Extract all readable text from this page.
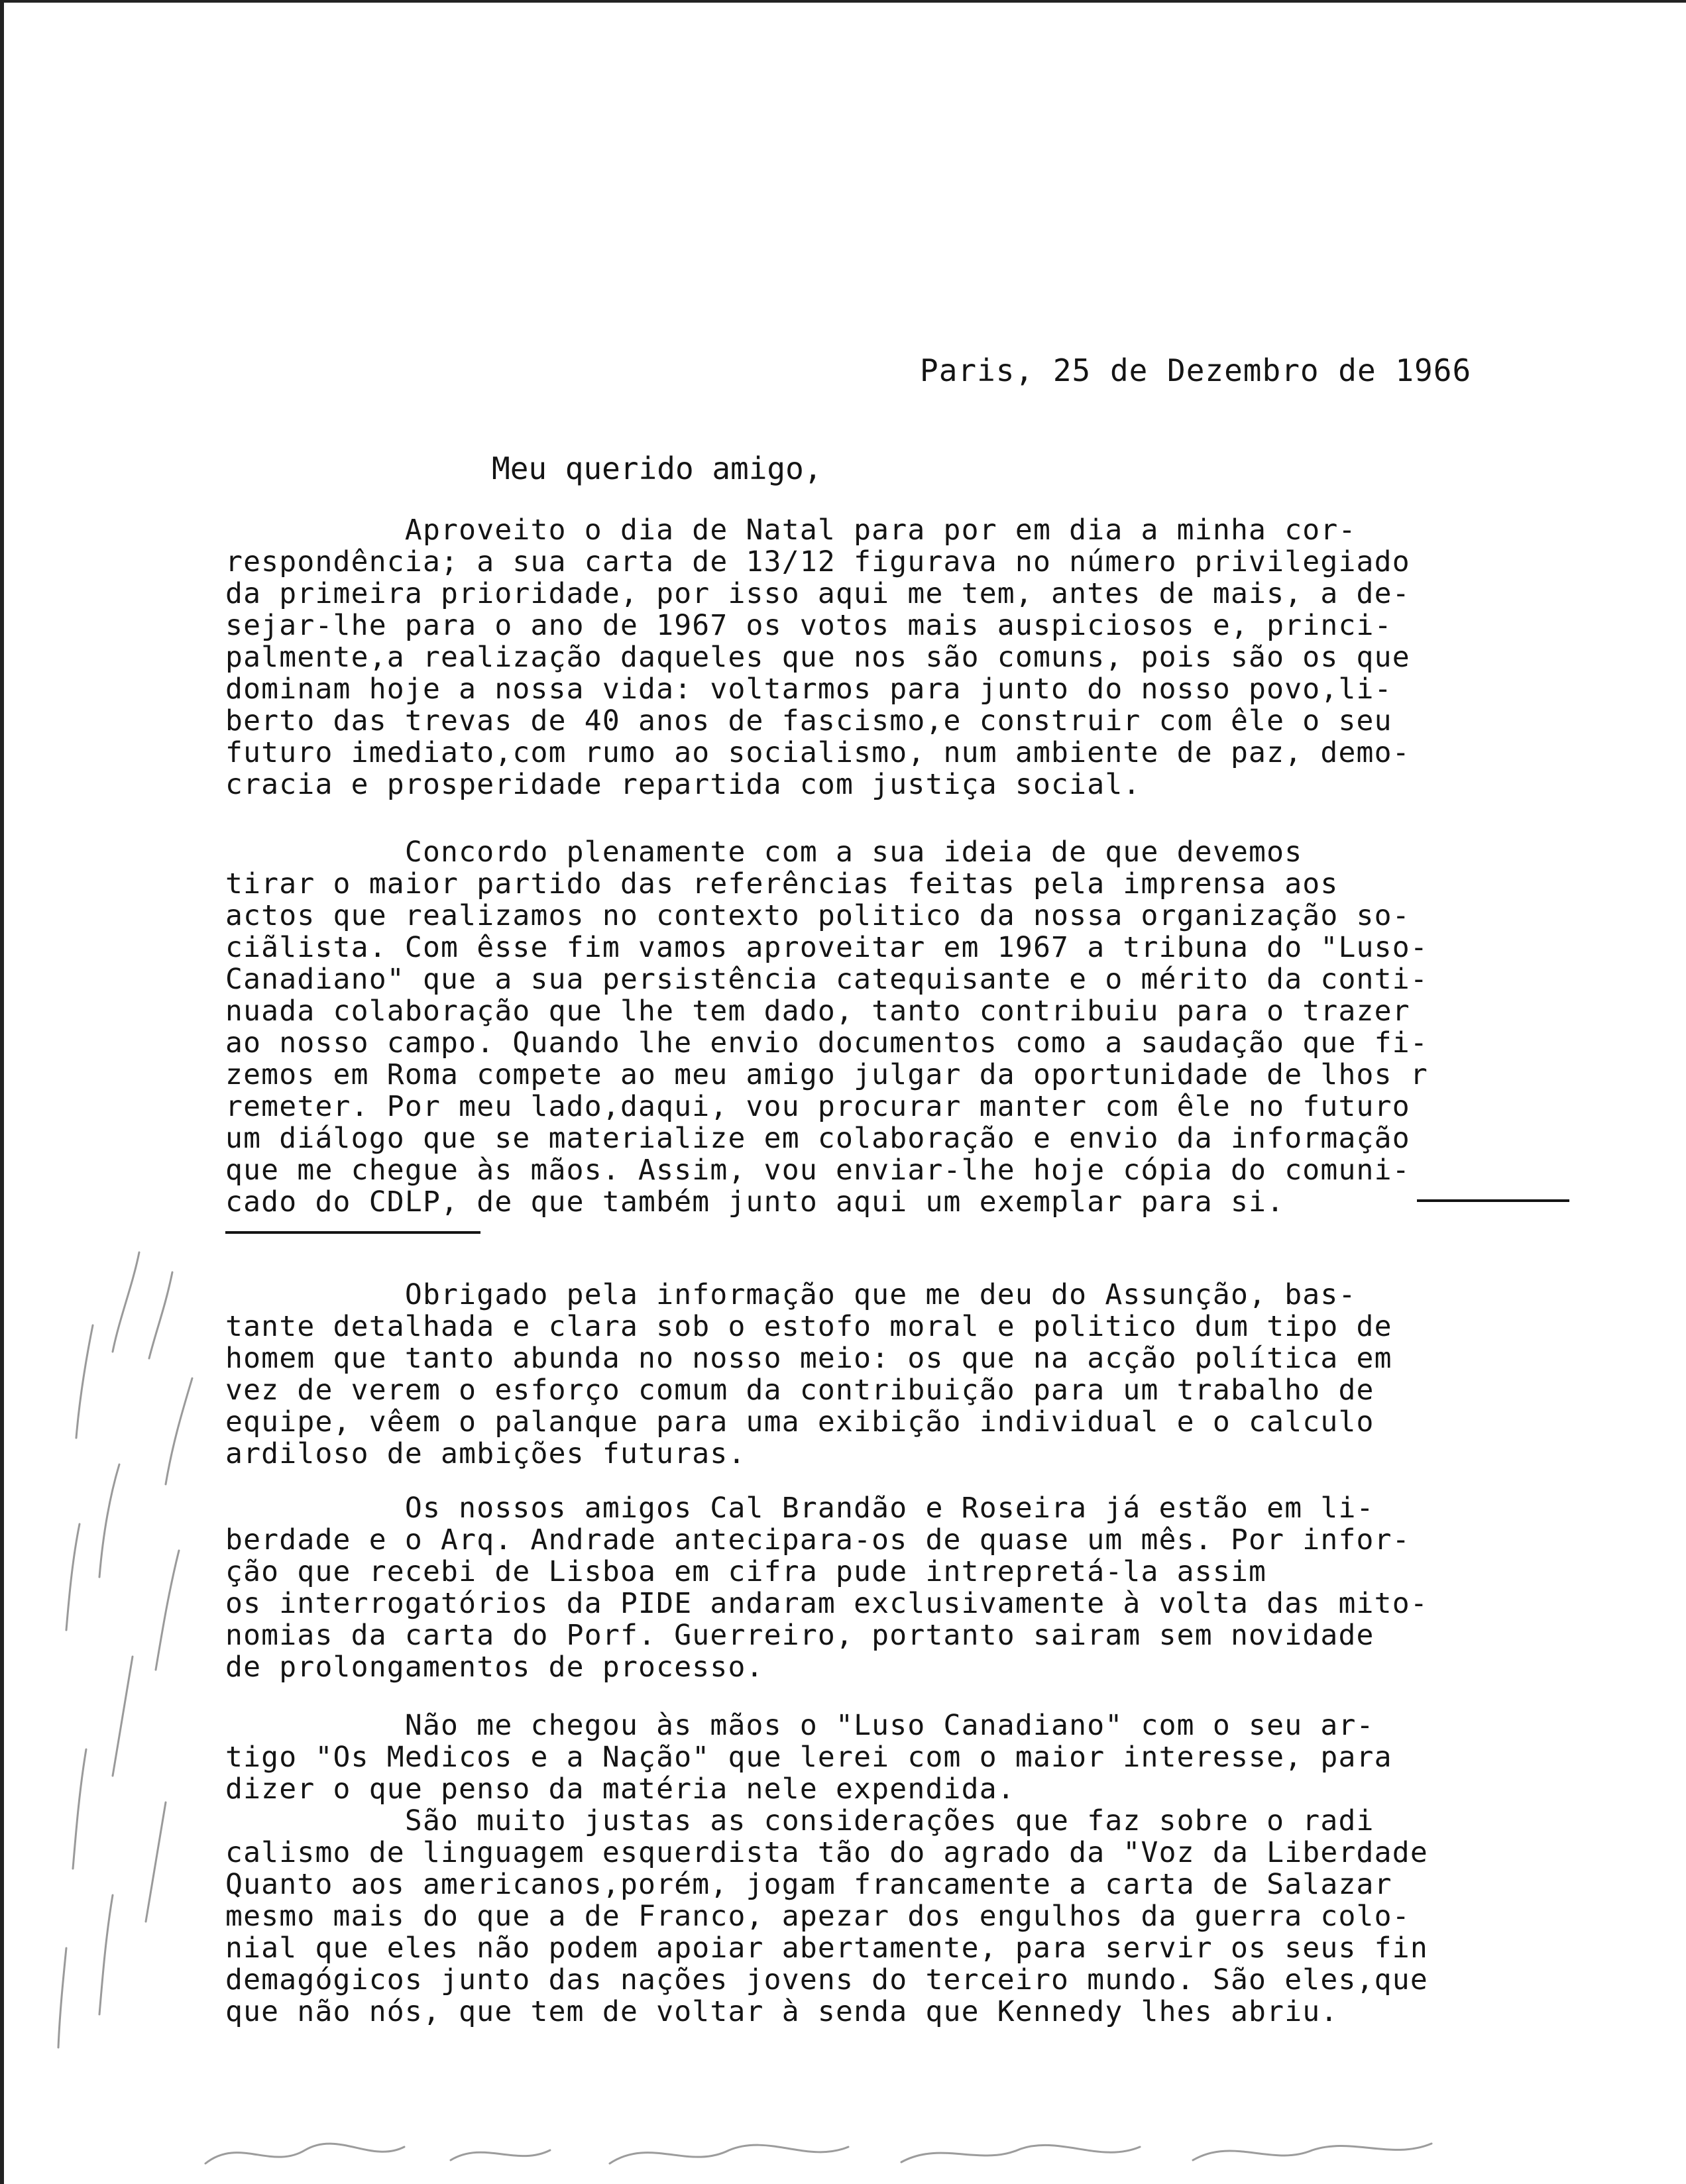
Paris, 25 de Dezembro de 1966
Meu querido amigo,
Aproveito o dia de Natal para por em dia a minha cor-
respondência; a sua carta de 13/12 figurava no número privilegiado
da primeira prioridade, por isso aqui me tem, antes de mais, a de-
sejar-lhe para o ano de 1967 os votos mais auspiciosos e, princi-
palmente,a realização daqueles que nos são comuns, pois são os que
dominam hoje a nossa vida: voltarmos para junto do nosso povo,li-
berto das trevas de 40 anos de fascismo,e construir com êle o seu
futuro imediato,com rumo ao socialismo, num ambiente de paz, demo-
cracia e prosperidade repartida com justiça social.
Concordo plenamente com a sua ideia de que devemos
tirar o maior partido das referências feitas pela imprensa aos
actos que realizamos no contexto politico da nossa organização so-
ciãlista. Com êsse fim vamos aproveitar em 1967 a tribuna do "Luso-
Canadiano" que a sua persistência catequisante e o mérito da conti-
nuada colaboração que lhe tem dado, tanto contribuiu para o trazer
ao nosso campo. Quando lhe envio documentos como a saudação que fi-
zemos em Roma compete ao meu amigo julgar da oportunidade de lhos r
remeter. Por meu lado,daqui, vou procurar manter com êle no futuro
um diálogo que se materialize em colaboração e envio da informação
que me chegue às mãos. Assim, vou enviar-lhe hoje cópia do comuni-
cado do CDLP, de que também junto aqui um exemplar para si.
Obrigado pela informação que me deu do Assunção, bas-
tante detalhada e clara sob o estofo moral e politico dum tipo de
homem que tanto abunda no nosso meio: os que na acção política em
vez de verem o esforço comum da contribuição para um trabalho de
equipe, vêem o palanque para uma exibição individual e o calculo
ardiloso de ambições futuras.
Os nossos amigos Cal Brandão e Roseira já estão em li-
berdade e o Arq. Andrade antecipara-os de quase um mês. Por infor-
ção que recebi de Lisboa em cifra pude intrepretá-la assim
os interrogatórios da PIDE andaram exclusivamente à volta das mito-
nomias da carta do Porf. Guerreiro, portanto sairam sem novidade
de prolongamentos de processo.
Não me chegou às mãos o "Luso Canadiano" com o seu ar-
tigo "Os Medicos e a Nação" que lerei com o maior interesse, para
dizer o que penso da matéria nele expendida.
São muito justas as considerações que faz sobre o radi
calismo de linguagem esquerdista tão do agrado da "Voz da Liberdade
Quanto aos americanos,porém, jogam francamente a carta de Salazar
mesmo mais do que a de Franco, apezar dos engulhos da guerra colo-
nial que eles não podem apoiar abertamente, para servir os seus fin
demagógicos junto das nações jovens do terceiro mundo. São eles,que
que não nós, que tem de voltar à senda que Kennedy lhes abriu.
